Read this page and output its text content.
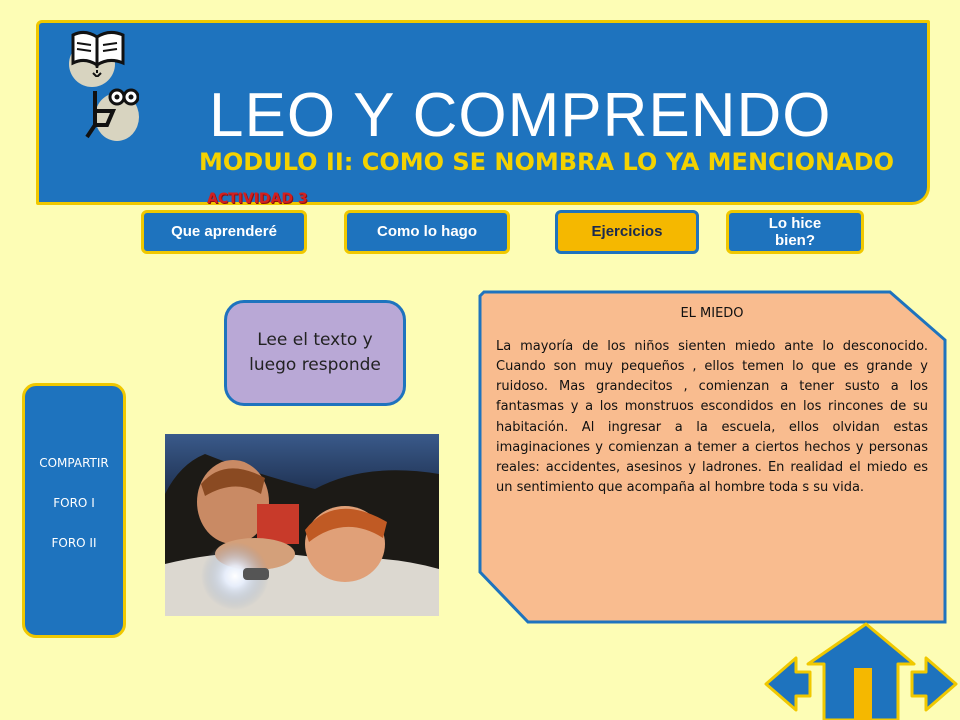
LEO Y COMPRENDO
MODULO II: COMO SE NOMBRA LO YA MENCIONADO
ACTIVIDAD 3
Que aprenderé	Como lo hago	Ejercicios
Lo hice bien?
Lee el texto y luego responde
COMPARTIR
FORO I
FORO II
EL MIEDO
La mayoría de los niños sienten miedo ante lo desconocido. Cuando son muy pequeños , ellos temen lo que es grande y ruidoso. Mas grandecitos , comienzan a tener susto a los fantasmas y a los monstruos escondidos en los rincones de su habitación. Al ingresar a la escuela, ellos olvidan estas imaginaciones y comienzan a temer a ciertos hechos y personas reales: accidentes, asesinos y ladrones. En realidad el miedo es un sentimiento que acompaña al hombre toda s su vida.
